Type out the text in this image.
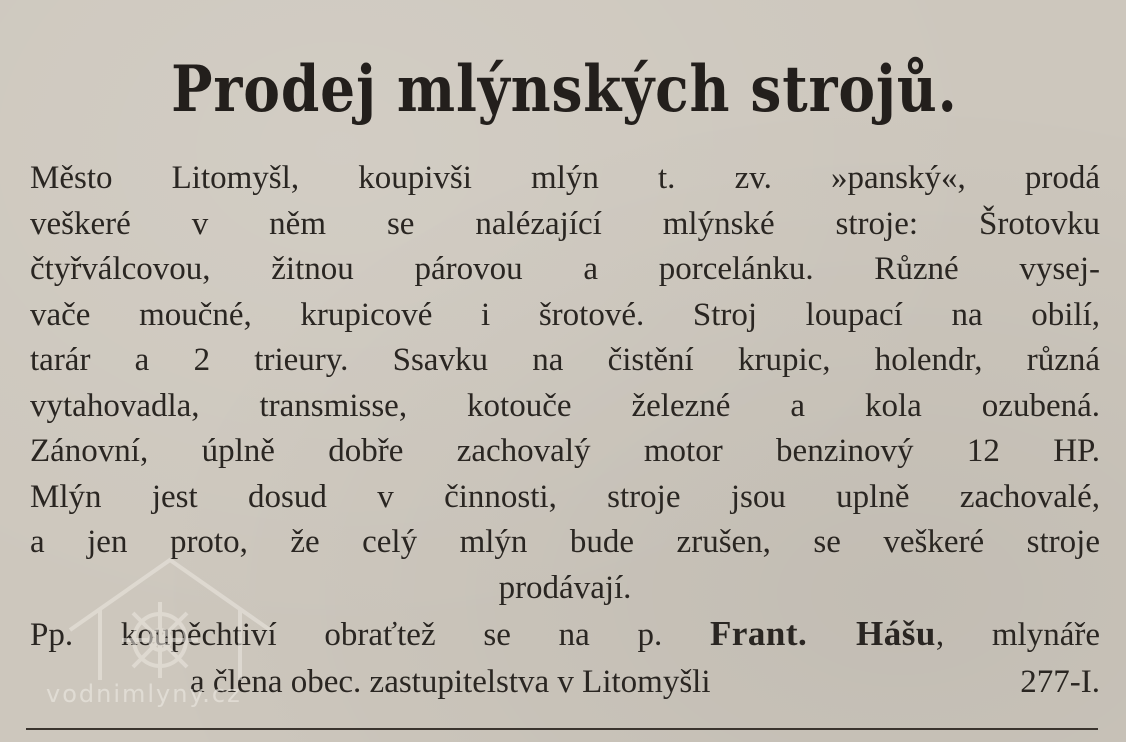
Prodej mlýnských strojů.
Město Litomyšl, koupivši mlýn t. zv. »panský«, prodá
veškeré v něm se nalézající mlýnské stroje: Šrotovku
čtyřválcovou, žitnou párovou a porcelánku. Různé vysej-
vače moučné, krupicové i šrotové. Stroj loupací na obilí,
tarár a 2 trieury. Ssavku na čistění krupic, holendr, různá
vytahovadla, transmisse, kotouče železné a kola ozubená.
Zánovní, úplně dobře zachovalý motor benzinový 12 HP.
Mlýn jest dosud v činnosti, stroje jsou uplně zachovalé,
a jen proto, že celý mlýn bude zrušen, se veškeré stroje
prodávají.
Pp. koupěchtiví obraťtež se na p. Frant. Hášu, mlynáře
a člena obec. zastupitelstva v Litomyšli	277-I.
vodnimlyny.cz
